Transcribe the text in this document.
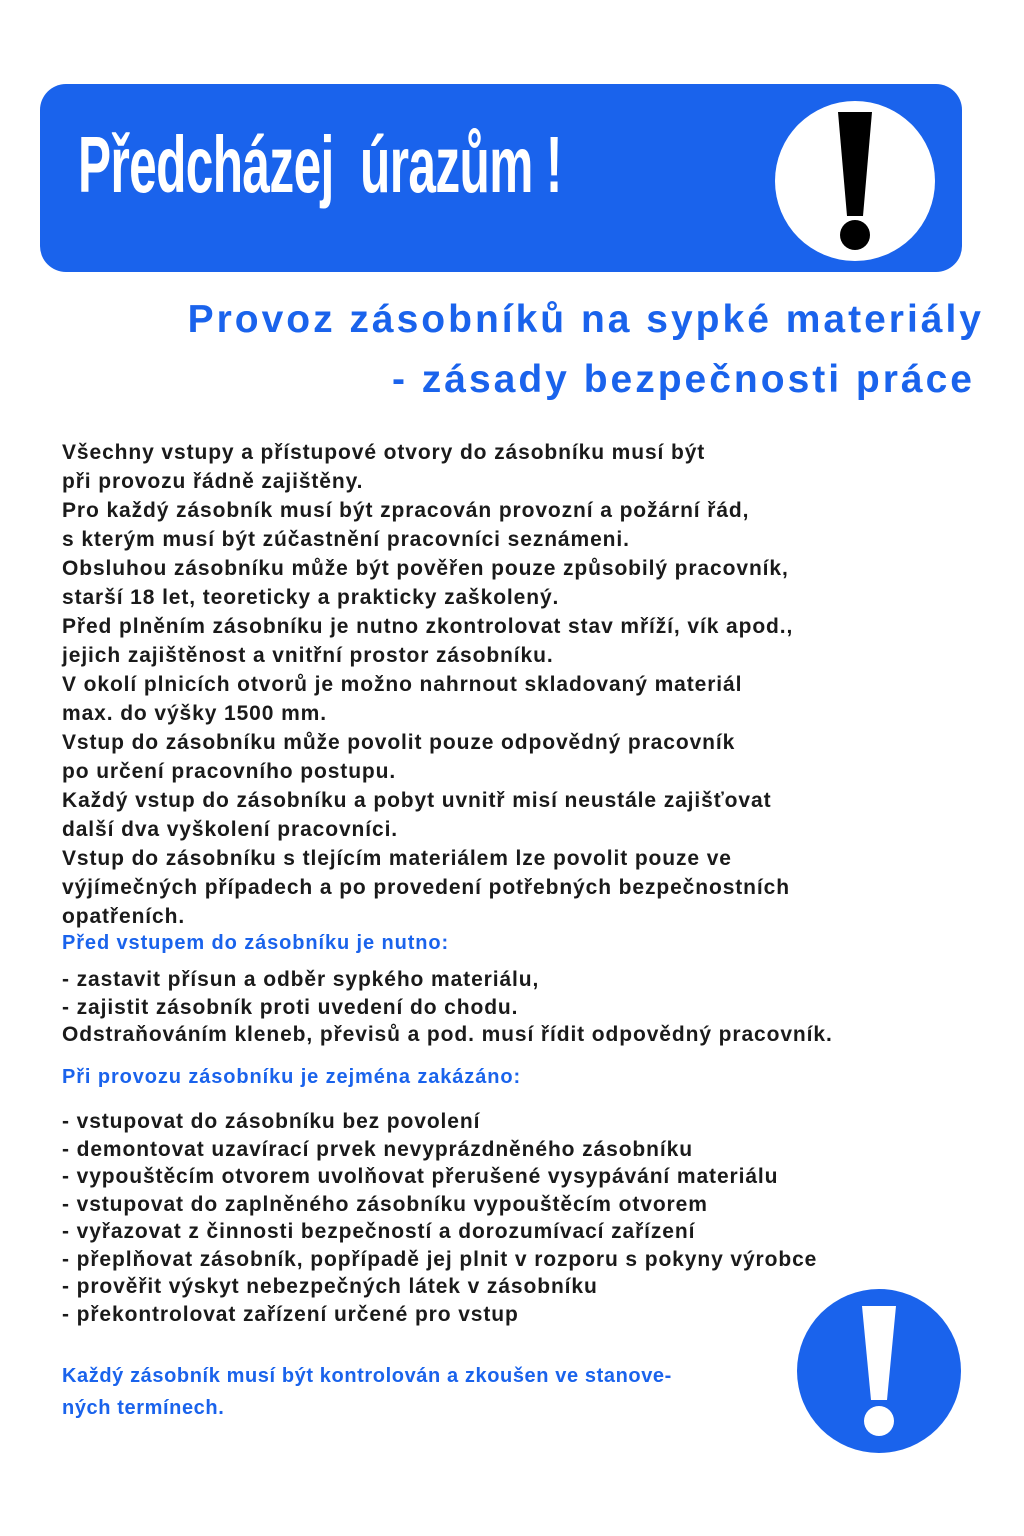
Předcházej  úrazům !

Provoz zásobníků na sypké materiály

- zásady bezpečnosti práce

Všechny vstupy a přístupové otvory do zásobníku musí být
při provozu řádně zajištěny.
Pro každý zásobník musí být zpracován provozní a požární řád,
s kterým musí být zúčastnění pracovníci seznámeni.
Obsluhou zásobníku může být pověřen pouze způsobilý pracovník,
starší 18 let, teoreticky a prakticky zaškolený.
Před plněním zásobníku je nutno zkontrolovat stav mříží, vík apod.,
jejich zajištěnost a vnitřní prostor zásobníku.
V okolí plnicích otvorů je možno nahrnout skladovaný materiál
max. do výšky 1500 mm.
Vstup do zásobníku může povolit pouze odpovědný pracovník
po určení pracovního postupu.
Každý vstup do zásobníku a pobyt uvnitř misí neustále zajišťovat
další dva vyškolení pracovníci.
Vstup do zásobníku s tlejícím materiálem lze povolit pouze ve
výjímečných případech a po provedení potřebných bezpečnostních
opatřeních.
Před vstupem do zásobníku je nutno:
- zastavit přísun a odběr sypkého materiálu,
- zajistit zásobník proti uvedení do chodu.
Odstraňováním kleneb, převisů a pod. musí řídit odpovědný pracovník.
Při provozu zásobníku je zejména zakázáno:
- vstupovat do zásobníku bez povolení
- demontovat uzavírací prvek nevyprázdněného zásobníku
- vypouštěcím otvorem uvolňovat přerušené vysypávání materiálu
- vstupovat do zaplněného zásobníku vypouštěcím otvorem
- vyřazovat z činnosti bezpečností a dorozumívací zařízení
- přeplňovat zásobník, popřípadě jej plnit v rozporu s pokyny výrobce
- prověřit výskyt nebezpečných látek v zásobníku
- překontrolovat zařízení určené pro vstup

Každý zásobník musí být kontrolován a zkoušen ve stanove-
ných termínech.
